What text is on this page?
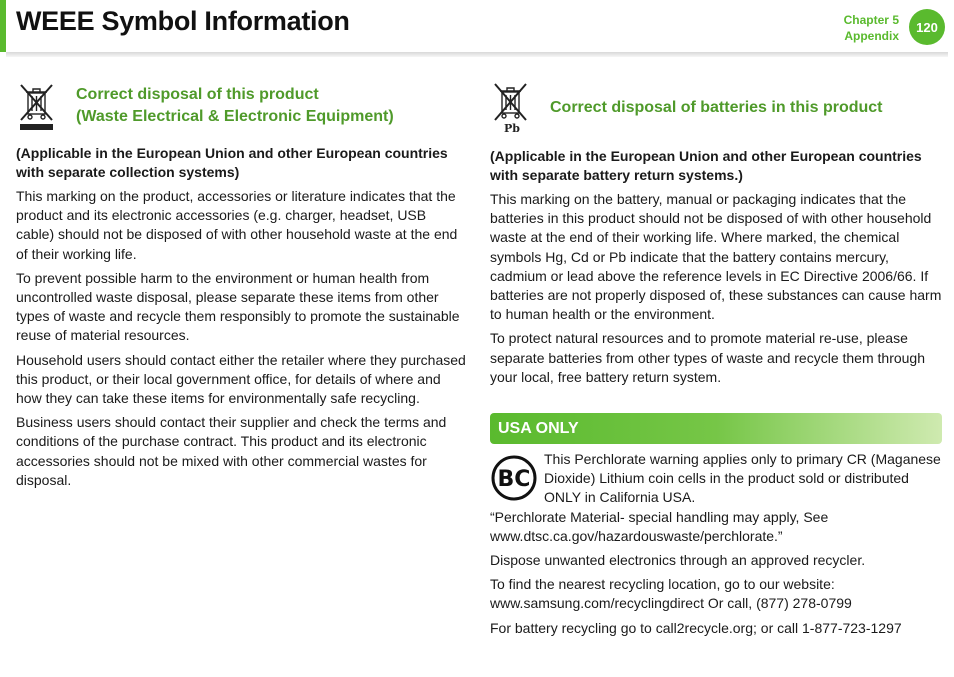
WEEE Symbol Information	Chapter 5
Appendix
120
Correct disposal of this product
(Waste Electrical & Electronic Equipment)

(Applicable in the European Union and other European countries with separate collection systems)

This marking on the product, accessories or literature indicates that the product and its electronic accessories (e.g. charger, headset, USB cable) should not be disposed of with other household waste at the end of their working life.

To prevent possible harm to the environment or human health from uncontrolled waste disposal, please separate these items from other types of waste and recycle them responsibly to promote the sustainable reuse of material resources.

Household users should contact either the retailer where they purchased this product, or their local government office, for details of where and how they can take these items for environmentally safe recycling.

Business users should contact their supplier and check the terms and conditions of the purchase contract. This product and its electronic accessories should not be mixed with other commercial wastes for disposal.

Pb
Correct disposal of batteries in this product

(Applicable in the European Union and other European countries with separate battery return systems.)

This marking on the battery, manual or packaging indicates that the batteries in this product should not be disposed of with other household waste at the end of their working life. Where marked, the chemical symbols Hg, Cd or Pb indicate that the battery contains mercury, cadmium or lead above the reference levels in EC Directive 2006/66. If batteries are not properly disposed of, these substances can cause harm to human health or the environment.

To protect natural resources and to promote material re-use, please separate batteries from other types of waste and recycle them through your local, free battery return system.

USA ONLY
BC

This Perchlorate warning applies only to primary CR (Maganese Dioxide) Lithium coin cells in the product sold or distributed ONLY in California USA.

“Perchlorate Material- special handling may apply, See www.dtsc.ca.gov/hazardouswaste/perchlorate.”

Dispose unwanted electronics through an approved recycler.

To find the nearest recycling location, go to our website: www.samsung.com/recyclingdirect Or call, (877) 278-0799

For battery recycling go to call2recycle.org; or call 1-877-723-1297
